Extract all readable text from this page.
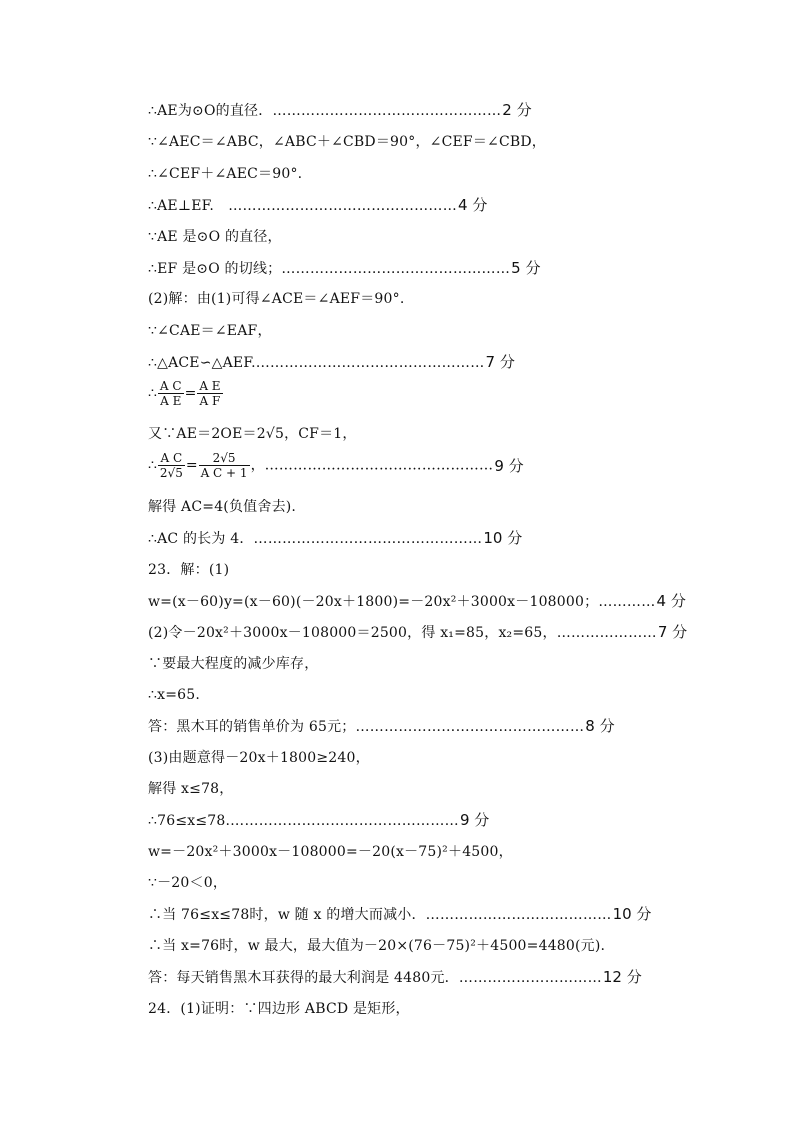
∴AE为⊙O的直径．…………………………………………2 分
∵∠AEC＝∠ABC，∠ABC＋∠CBD＝90°，∠CEF＝∠CBD，
∴∠CEF＋∠AEC＝90°.
∴AE⊥EF.　…………………………………………4 分
∵AE 是⊙O 的直径，
∴EF 是⊙O 的切线；…………………………………………5 分
(2)解：由(1)可得∠ACE＝∠AEF＝90°.
∵∠CAE＝∠EAF，
∴△ACE∽△AEF.…………………………………………7 分
∴ $\frac{\text{A C}}{\text{A E}} = \frac{\text{A E}}{\text{A F}}$
又∵AE＝2OE＝2√5，CF＝1，
∴ $\frac{\text{A C}}{2√5} = \frac{2√5}{\text{A C + 1}}$ ，…………………………………………9 分
解得 AC=4(负值舍去).
∴AC 的长为 4．…………………………………………10 分
23．解：(1)
w=(x－60)y=(x－60)(－20x＋1800)=－20x²＋3000x－108000；…………4 分
(2)令－20x²＋3000x－108000＝2500，得 x₁=85，x₂=65，…………………7 分
∵要最大程度的减少库存，
∴x=65.
答：黑木耳的销售单价为 65元；…………………………………………8 分
(3)由题意得－20x＋1800≥240，
解得 x≤78，
∴76≤x≤78.…………………………………………9 分
w=－20x²＋3000x－108000=－20(x－75)²＋4500，
∵－20＜0，
∴当 76≤x≤78时，w 随 x 的增大而减小．…………………………………10 分
∴当 x=76时，w 最大，最大值为－20×(76－75)²＋4500=4480(元).
答：每天销售黑木耳获得的最大利润是 4480元．…………………………12 分
24．(1)证明：∵四边形 ABCD 是矩形，
